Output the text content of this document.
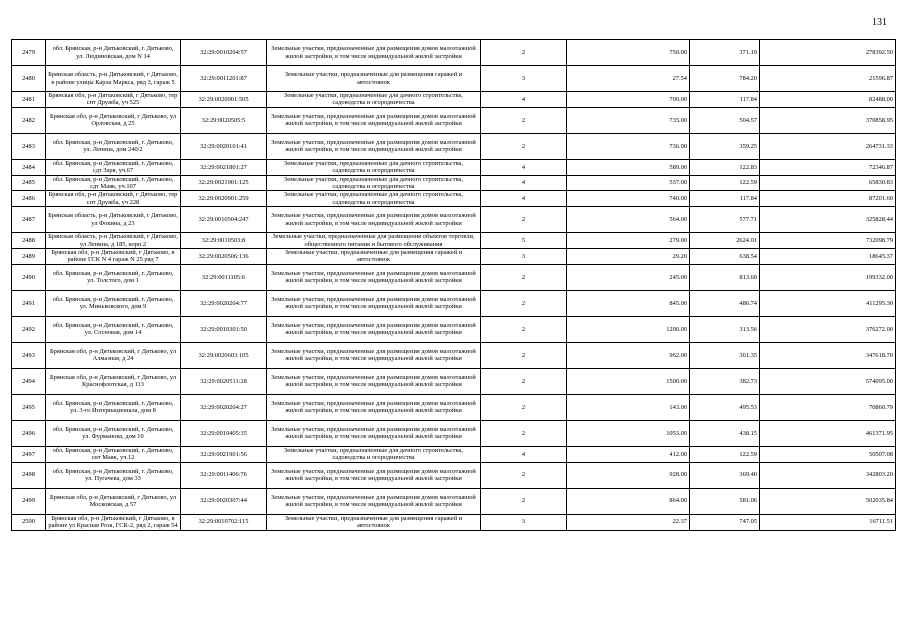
131
2479	обл. Брянская, р-н Дятьковский, г. Дятьково, ул. Людиновская, дом N 14	32:29:0010204:57	Земельные участки, предназначенные для размещения домов малоэтажной жилой застройки, в том числе индивидуальной жилой застройки	2	750.00	371.19	278392.50
2480	Брянская область, р-н Дятьковский, г Дятьково, в районе улицы Карла Маркса, ряд 3, гараж 5	32:29:0011201:87	Земельные участки, предназначенные для размещения гаражей и автостоянок	3	27.54	784.20	21596.87
2481	Брянская обл, р-н Дятьковский, г Дятьково, тер снт Дружба, уч 525	32:29:0020901:505	Земельные участки, предназначенные для дачного строительства, садоводства и огородничества	4	700.00	117.84	82488.00
2482	Брянская обл, р-н Дятьковский, г Дятьково, ул Орловская, д 25	32:29:0020505:5	Земельные участки, предназначенные для размещения домов малоэтажной жилой застройки, в том числе индивидуальной жилой застройки	2	735.00	504.57	370858.95
2483	обл. Брянская, р-н Дятьковский, г. Дятьково, ул. Ленина, дом 240/2	32:29:0020101:41	Земельные участки, предназначенные для размещения домов малоэтажной жилой застройки, в том числе индивидуальной жилой застройки	2	736.90	359.25	264731.33
2484	обл. Брянская, р-н Дятьковский, г. Дятьково, сдт Заря, уч.67	32:29:0021801:27	Земельные участки, предназначенные для дачного строительства, садоводства и огородничества	4	589.00	122.83	72346.87
2485	обл. Брянская, р-н Дятьковский, г. Дятьково, сдт Маяк, уч.107	32:29:0021901:125	Земельные участки, предназначенные для дачного строительства, садоводства и огородничества	4	537.00	122.59	65830.83
2486	Брянская обл, р-н Дятьковский, г Дятьково, тер снт Дружба, уч 228	32:29:0020901:259	Земельные участки, предназначенные для дачного строительства, садоводства и огородничества	4	740.00	117.84	87201.60
2487	Брянская область, р-н Дятьковский, г Дятьково, ул Фокина, д 23	32:29:0010504:247	Земельные участки, предназначенные для размещения домов малоэтажной жилой застройки, в том числе индивидуальной жилой застройки	2	564.00	577.71	325828.44
2488	Брянская область, р-н Дятьковский, г Дятьково, ул Ленина, д 185, корп 2	32:29:0010503:8	Земельные участки, предназначенные для размещения объектов торговли, общественного питания и бытового обслуживания	5	279.00	2624.01	732098.79
2489	Брянская обл, р-н Дятьковский, г Дятьково, в районе ГСК N 4 гараж N 25 ряд 7	32:29:0020506:136	Земельные участки, предназначенные для размещения гаражей и автостоянок	3	29.20	638.54	18645.37
2490	обл. Брянская, р-н Дятьковский, г. Дятьково, ул. Толстого, дом 1	32:29:0011105:6	Земельные участки, предназначенные для размещения домов малоэтажной жилой застройки, в том числе индивидуальной жилой застройки	2	245.00	813.60	199332.00
2491	обл. Брянская, р-н Дятьковский, г. Дятьково, ул. Миньковского, дом 9	32:29:0020204:77	Земельные участки, предназначенные для размещения домов малоэтажной жилой застройки, в том числе индивидуальной жилой застройки	2	845.00	486.74	411295.30
2492	обл. Брянская, р-н Дятьковский, г. Дятьково, ул. Сосновая, дом 14	32:29:0010301:50	Земельные участки, предназначенные для размещения домов малоэтажной жилой застройки, в том числе индивидуальной жилой застройки	2	1200.00	313.56	376272.00
2493	Брянская обл, р-н Дятьковский, г Дятьково, ул Алмазная, д 24	32:29:0020603:105	Земельные участки, предназначенные для размещения домов малоэтажной жилой застройки, в том числе индивидуальной жилой застройки	2	962.00	361.35	347618.70
2494	Брянская обл, р-н Дятьковский, г Дятьково, ул Краснофлотская, д 113	32:29:0020511:28	Земельные участки, предназначенные для размещения домов малоэтажной жилой застройки, в том числе индивидуальной жилой застройки	2	1500.00	382.73	574095.00
2495	обл. Брянская, р-н Дятьковский, г. Дятьково, ул. 3-го Интернационала, дом 8	32:29:0020204:27	Земельные участки, предназначенные для размещения домов малоэтажной жилой застройки, в том числе индивидуальной жилой застройки	2	143.00	495.53	70860.79
2496	обл. Брянская, р-н Дятьковский, г. Дятьково, ул. Фурманова, дом 10	32:29:0010405:35	Земельные участки, предназначенные для размещения домов малоэтажной жилой застройки, в том числе индивидуальной жилой застройки	2	1053.00	438.15	461371.95
2497	обл. Брянская, р-н Дятьковский, г. Дятьково, снт Маяк, уч.12	32:29:0021901:56	Земельные участки, предназначенные для дачного строительства, садоводства и огородничества	4	412.00	122.59	50507.08
2498	обл. Брянская, р-н Дятьковский, г. Дятьково, ул. Пугачева, дом 33	32:29:0011406:76	Земельные участки, предназначенные для размещения домов малоэтажной жилой застройки, в том числе индивидуальной жилой застройки	2	928.00	369.40	342803.20
2499	Брянская обл, р-н Дятьковский, г Дятьково, ул Московская, д 57	32:29:0020307:44	Земельные участки, предназначенные для размещения домов малоэтажной жилой застройки, в том числе индивидуальной жилой застройки	2	864.00	581.06	502035.84
2500	Брянская обл, р-н Дятьковский, г Дятьково, в районе ул Красная Роза, ГСК-2, ряд 2, гараж 54	32:29:0010702:115	Земельные участки, предназначенные для размещения гаражей и автостоянок	3	22.37	747.05	16711.51
